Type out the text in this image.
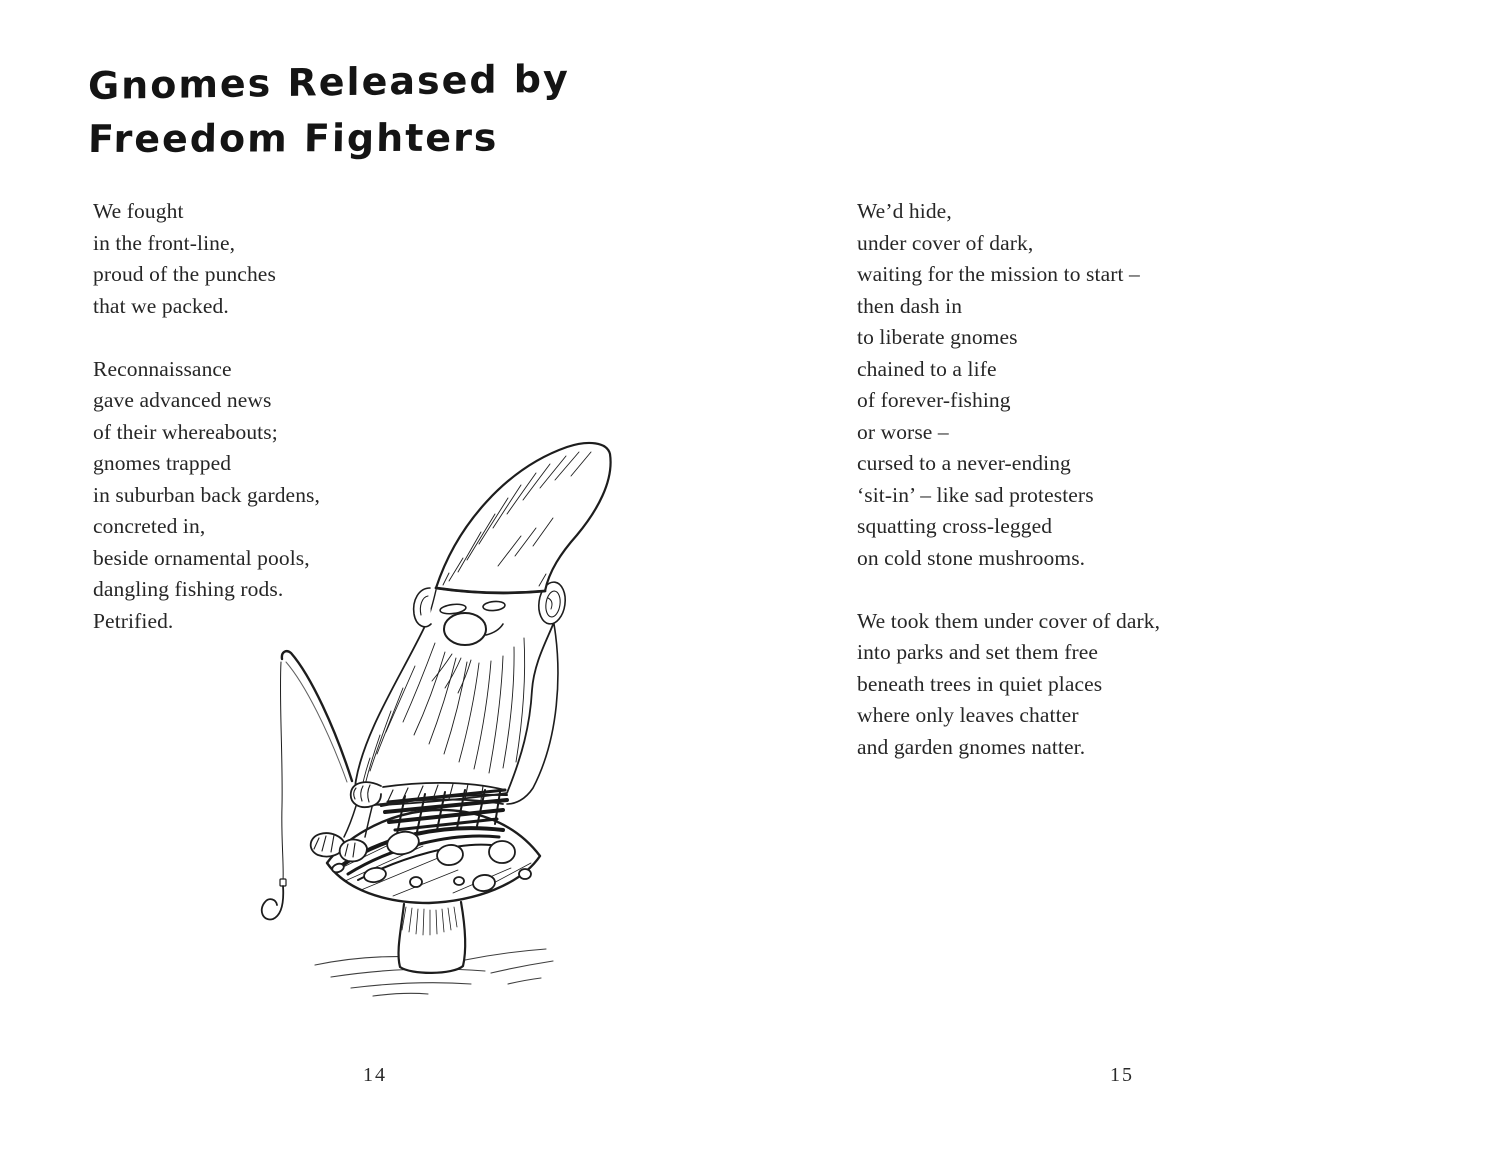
Gnomes Released by
Freedom Fighters
We fought
in the front-line,
proud of the punches
that we packed.
Reconnaissance
gave advanced news
of their whereabouts;
gnomes trapped
in suburban back gardens,
concreted in,
beside ornamental pools,
dangling fishing rods.
Petrified.
14
We’d hide,
under cover of dark,
waiting for the mission to start –
then dash in
to liberate gnomes
chained to a life
of forever-fishing
or worse –
cursed to a never-ending
‘sit-in’ – like sad protesters
squatting cross-legged
on cold stone mushrooms.
We took them under cover of dark,
into parks and set them free
beneath trees in quiet places
where only leaves chatter
and garden gnomes natter.
15
